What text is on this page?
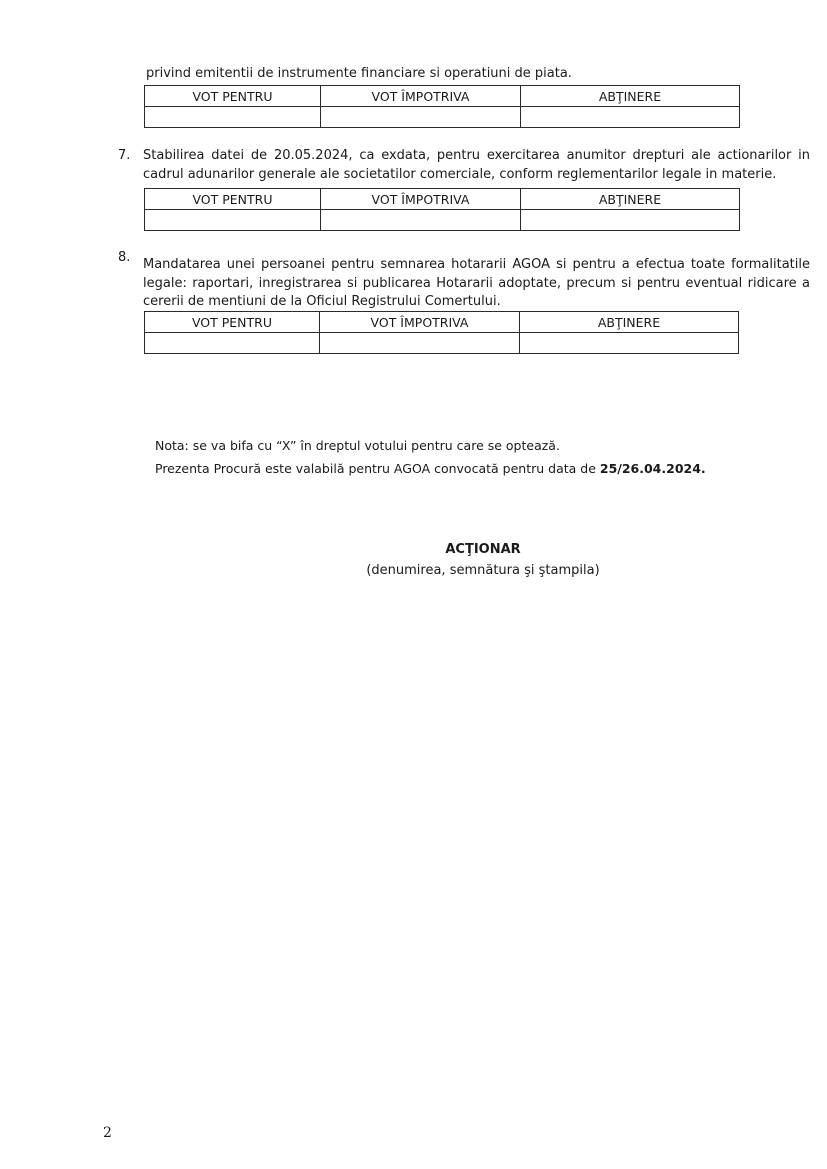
privind emitentii de instrumente financiare si operatiuni de piata.
VOT PENTRU	VOT ÎMPOTRIVA	ABŢINERE

7. Stabilirea datei de 20.05.2024, ca exdata, pentru exercitarea anumitor drepturi ale actionarilor in cadrul adunarilor generale ale societatilor comerciale, conform reglementarilor legale in materie.
VOT PENTRU	VOT ÎMPOTRIVA	ABŢINERE

8. Mandatarea unei persoanei pentru semnarea hotararii AGOA si pentru a efectua toate formalitatile legale: raportari, inregistrarea si publicarea Hotararii adoptate, precum si pentru eventual ridicare a cererii de mentiuni de la Oficiul Registrului Comertului.
VOT PENTRU	VOT ÎMPOTRIVA	ABŢINERE

Nota: se va bifa cu “X” în dreptul votului pentru care se optează.
Prezenta Procură este valabilă pentru AGOA convocată pentru data de 25/26.04.2024.
ACŢIONAR
(denumirea, semnătura şi ştampila)
2
